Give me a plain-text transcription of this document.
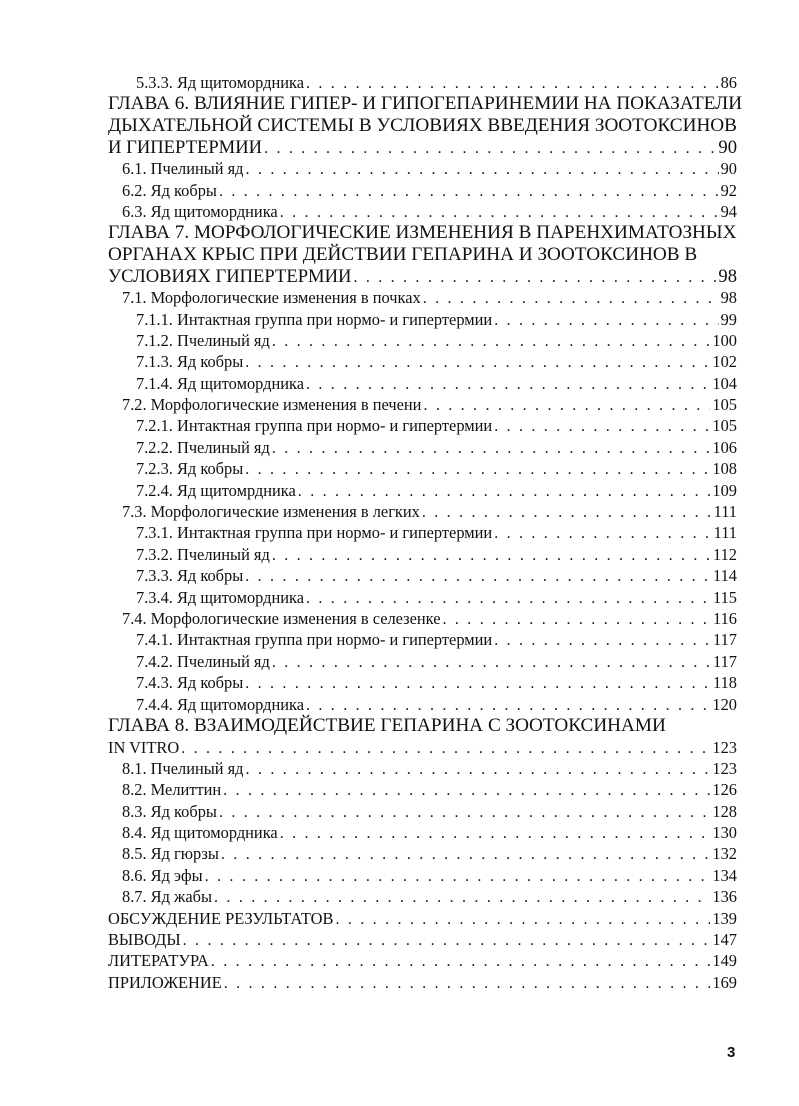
5.3.3. Яд щитомордника . . .	86
ГЛАВА 6. ВЛИЯНИЕ ГИПЕР- И ГИПОГЕПАРИНЕМИИ НА ПОКАЗАТЕЛИ
ДЫХАТЕЛЬНОЙ СИСТЕМЫ В УСЛОВИЯХ ВВЕДЕНИЯ ЗООТОКСИНОВ
И ГИПЕРТЕРМИИ . . .	90
6.1. Пчелиный яд . . .	90
6.2. Яд кобры . . .	92
6.3. Яд щитомордника . . .	94
ГЛАВА 7. МОРФОЛОГИЧЕСКИЕ ИЗМЕНЕНИЯ В ПАРЕНХИМАТОЗНЫХ
ОРГАНАХ КРЫС ПРИ ДЕЙСТВИИ ГЕПАРИНА И ЗООТОКСИНОВ В
УСЛОВИЯХ ГИПЕРТЕРМИИ . . .	98
7.1. Морфологические изменения в почках . . .	98
7.1.1. Интактная группа при нормо- и гипертермии . . .	99
7.1.2. Пчелиный яд . . .	100
7.1.3. Яд кобры . . .	102
7.1.4. Яд щитомордника . . .	104
7.2. Морфологические изменения в печени . . .	105
7.2.1. Интактная группа при нормо- и гипертермии . . .	105
7.2.2. Пчелиный яд . . .	106
7.2.3. Яд кобры . . .	108
7.2.4. Яд щитомрдника . . .	109
7.3. Морфологические изменения в легких . . .	111
7.3.1. Интактная группа при нормо- и гипертермии . . .	111
7.3.2. Пчелиный яд . . .	112
7.3.3. Яд кобры . . .	114
7.3.4. Яд щитомордника . . .	115
7.4. Морфологические изменения в селезенке . . .	116
7.4.1. Интактная группа при нормо- и гипертермии . . .	117
7.4.2. Пчелиный яд . . .	117
7.4.3. Яд кобры . . .	118
7.4.4. Яд щитомордника . . .	120
ГЛАВА 8. ВЗАИМОДЕЙСТВИЕ ГЕПАРИНА С ЗООТОКСИНАМИ
IN VITRO . . .	123
8.1. Пчелиный яд . . .	123
8.2. Мелиттин . . .	126
8.3. Яд кобры . . .	128
8.4. Яд щитомордника . . .	130
8.5. Яд гюрзы . . .	132
8.6. Яд эфы . . .	134
8.7. Яд жабы . . .	136
ОБСУЖДЕНИЕ РЕЗУЛЬТАТОВ . . .	139
ВЫВОДЫ . . .	147
ЛИТЕРАТУРА . . .	149
ПРИЛОЖЕНИЕ . . .	169
3
